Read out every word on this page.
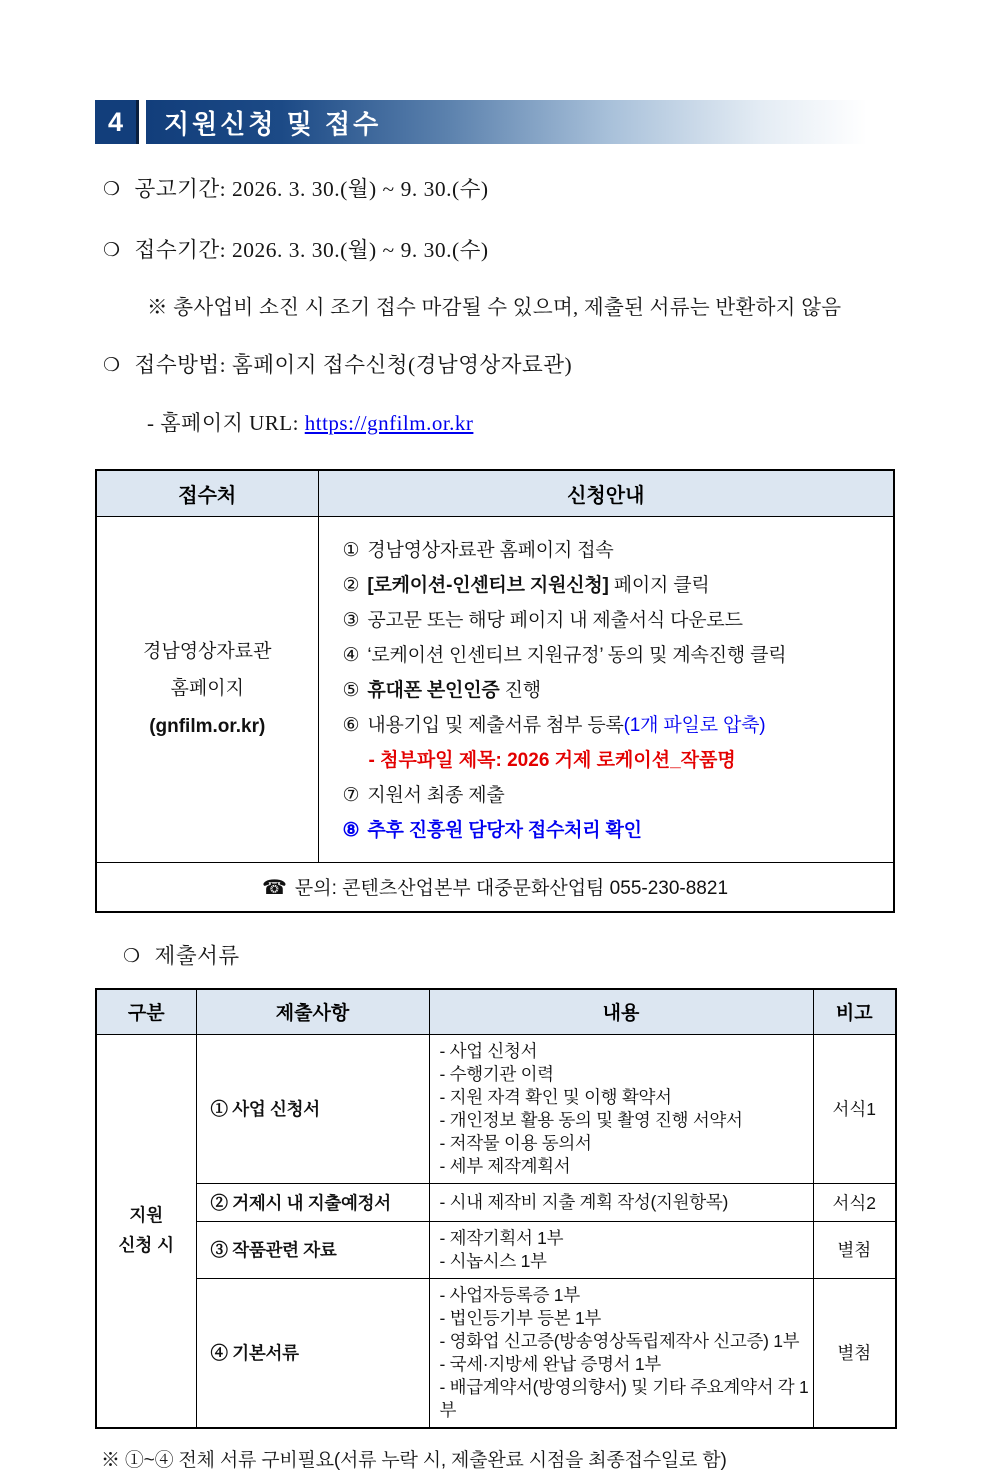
4	지원신청 및 접수
❍ 공고기간: 2026. 3. 30.(월) ~ 9. 30.(수)
❍ 접수기간: 2026. 3. 30.(월) ~ 9. 30.(수)
※ 총사업비 소진 시 조기 접수 마감될 수 있으며, 제출된 서류는 반환하지 않음
❍ 접수방법: 홈페이지 접수신청(경남영상자료관)
- 홈페이지 URL: https://gnfilm.or.kr
접수처	신청안내

경남영상자료관
홈페이지
(gnfilm.or.kr)

① 경남영상자료관 홈페이지 접속
② [로케이션-인센티브 지원신청] 페이지 클릭
③ 공고문 또는 해당 페이지 내 제출서식 다운로드
④ ‘로케이션 인센티브 지원규정’ 동의 및 계속진행 클릭
⑤ 휴대폰 본인인증 진행
⑥ 내용기입 및 제출서류 첨부 등록(1개 파일로 압축)
- 첨부파일 제목: 2026 거제 로케이션_작품명
⑦ 지원서 최종 제출
⑧ 추후 진흥원 담당자 접수처리 확인

☎ 문의: 콘텐츠산업본부 대중문화산업팀 055-230-8821	
❍ 제출서류
구분	제출사항	내용	비고

지원
신청 시
	① 사업 신청서	
- 사업 신청서
- 수행기관 이력
- 지원 자격 확인 및 이행 확약서
- 개인정보 활용 동의 및 촬영 진행 서약서
- 저작물 이용 동의서
- 세부 제작계획서
	서식1
	② 거제시 내 지출예정서	- 시내 제작비 지출 계획 작성(지원항목)	서식2
	③ 작품관련 자료	- 제작기획서 1부
- 시놉시스 1부	별첨
	④ 기본서류	- 사업자등록증 1부
- 법인등기부 등본 1부
- 영화업 신고증(방송영상독립제작사 신고증) 1부
- 국세·지방세 완납 증명서 1부
- 배급계약서(방영의향서) 및 기타 주요계약서 각 1부	별첨
※ ①~④ 전체 서류 구비필요(서류 누락 시, 제출완료 시점을 최종접수일로 함)
